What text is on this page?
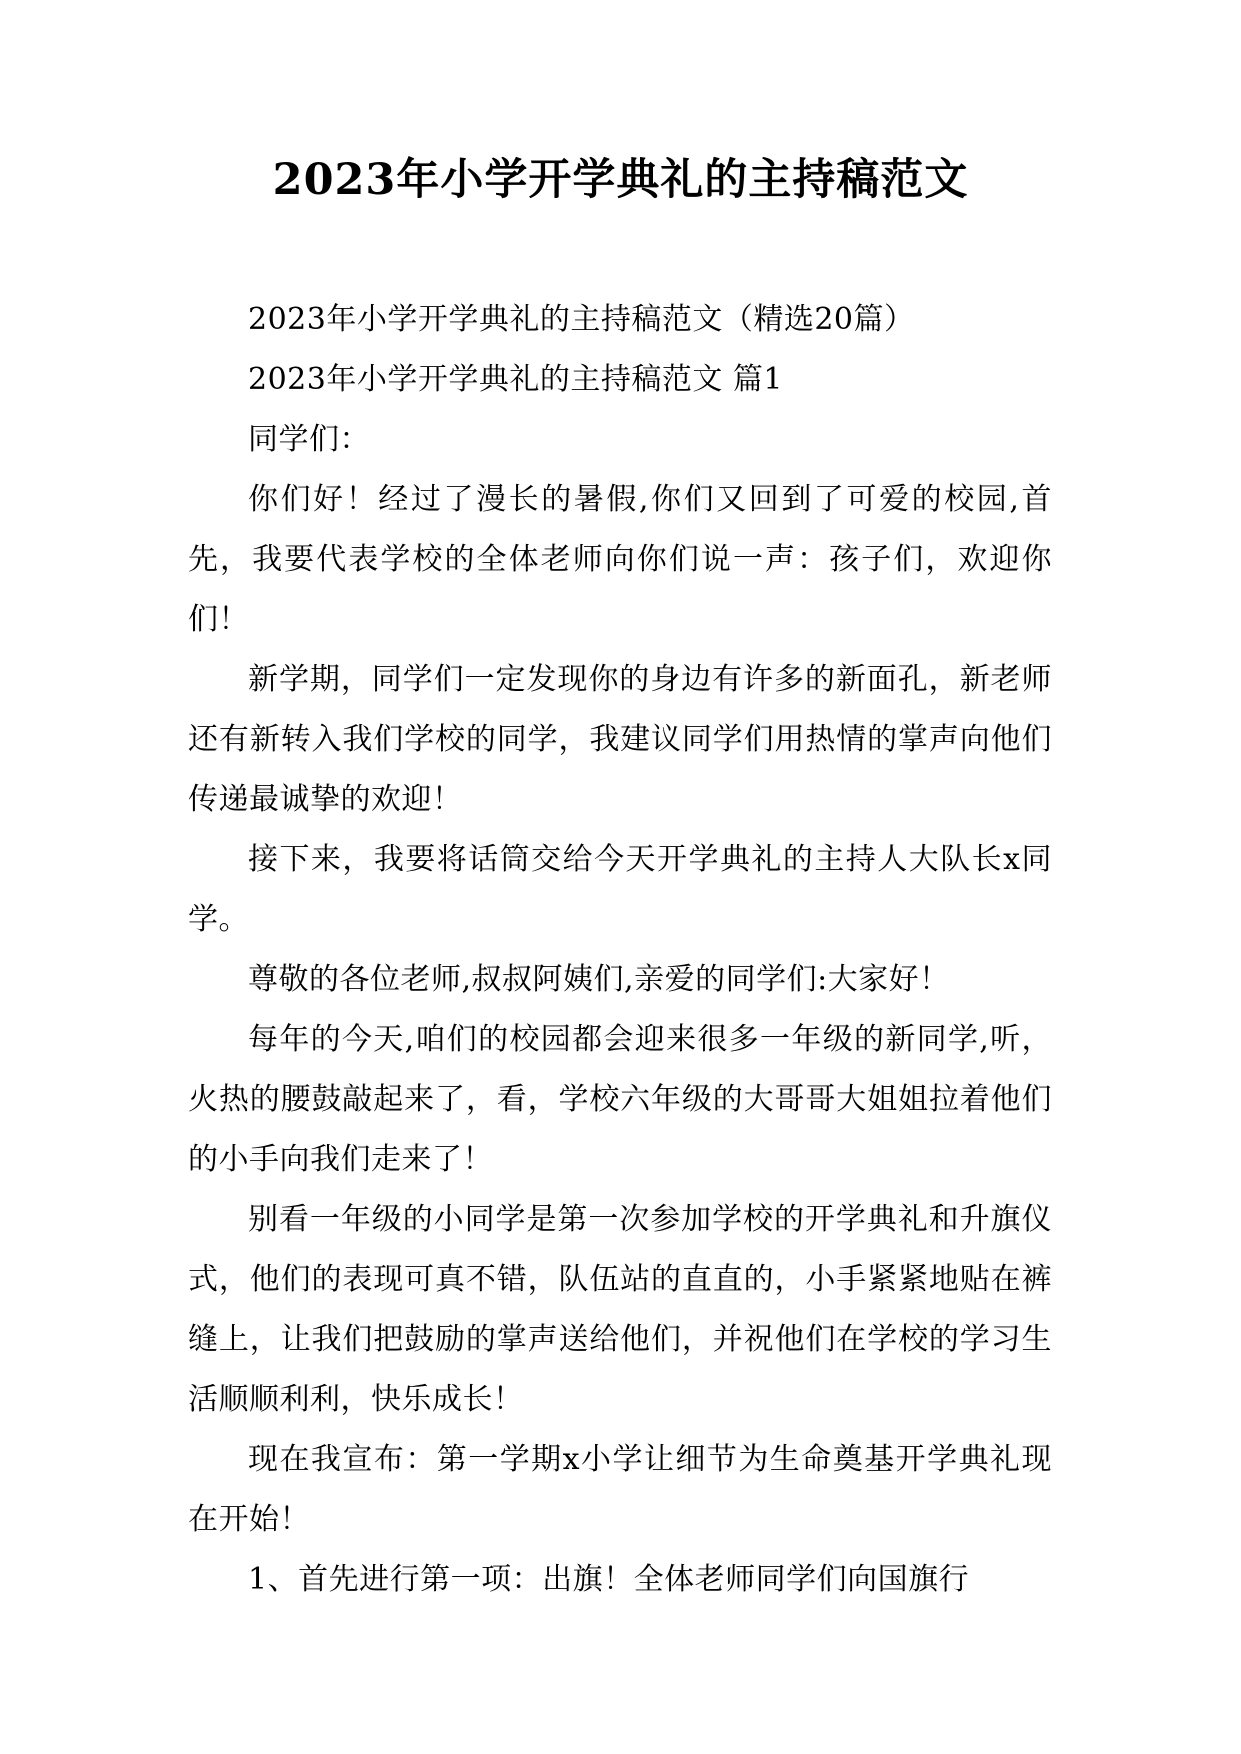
2023年小学开学典礼的主持稿范文

2023年小学开学典礼的主持稿范文（精选20篇）

2023年小学开学典礼的主持稿范文 篇1

同学们：

你们好！经过了漫长的暑假,你们又回到了可爱的校园,首先，我要代表学校的全体老师向你们说一声：孩子们，欢迎你们！

新学期，同学们一定发现你的身边有许多的新面孔，新老师还有新转入我们学校的同学，我建议同学们用热情的掌声向他们传递最诚挚的欢迎！

接下来，我要将话筒交给今天开学典礼的主持人大队长x同学。

尊敬的各位老师,叔叔阿姨们,亲爱的同学们:大家好！

每年的今天,咱们的校园都会迎来很多一年级的新同学,听，火热的腰鼓敲起来了，看，学校六年级的大哥哥大姐姐拉着他们的小手向我们走来了！

别看一年级的小同学是第一次参加学校的开学典礼和升旗仪式，他们的表现可真不错，队伍站的直直的，小手紧紧地贴在裤缝上，让我们把鼓励的掌声送给他们，并祝他们在学校的学习生活顺顺利利，快乐成长！

现在我宣布：第一学期x小学让细节为生命奠基开学典礼现在开始！

1、首先进行第一项：出旗！全体老师同学们向国旗行
